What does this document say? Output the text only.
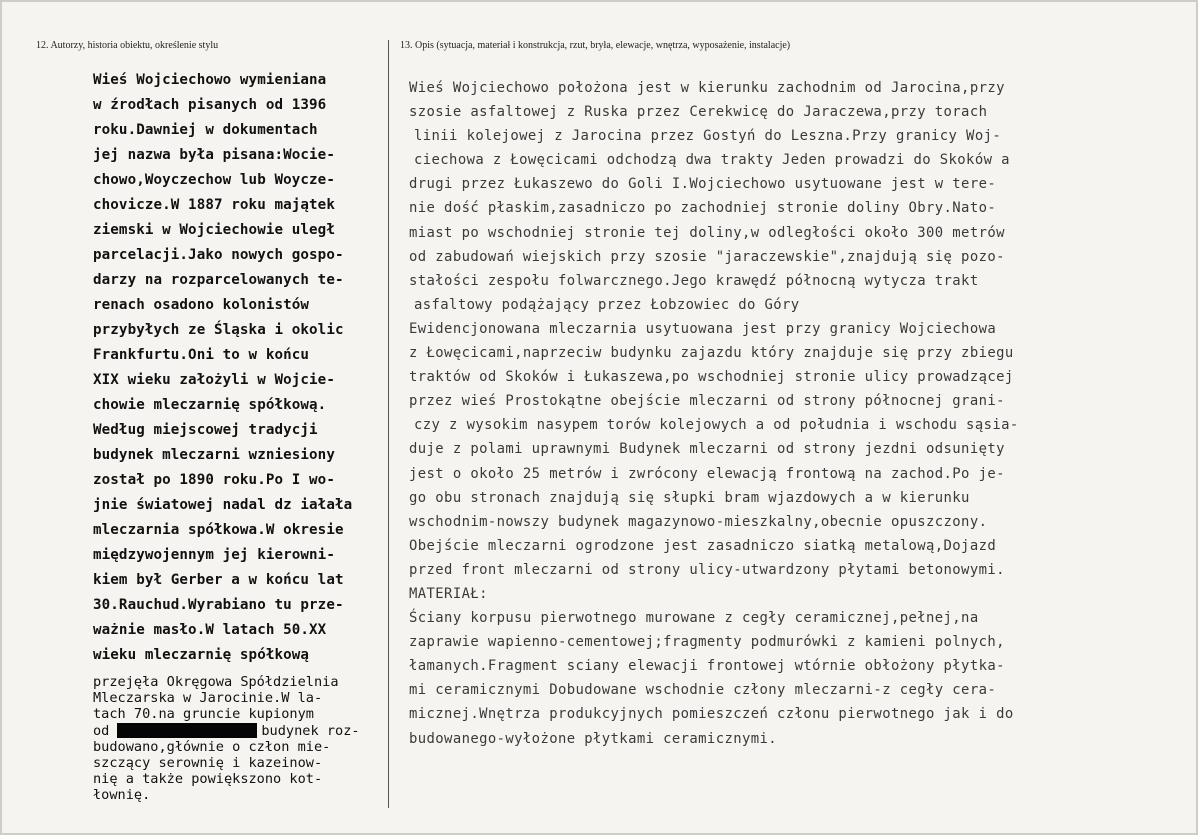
12. Autorzy, historia obiektu, określenie stylu	13. Opis (sytuacja, materiał i konstrukcja, rzut, bryła, elewacje, wnętrza, wyposażenie, instalacje)
Wieś Wojciechowo wymieniana
w źrodłach pisanych od 1396
roku.Dawniej w dokumentach
jej nazwa była pisana:Wocie-
chowo,Woyczechow lub Woycze-
chovicze.W 1887 roku majątek
ziemski w Wojciechowie uległ
parcelacji.Jako nowych gospo-
darzy na rozparcelowanych te-
renach osadono kolonistów
przybyłych ze Śląska i okolic
Frankfurtu.Oni to w końcu
XIX wieku założyli w Wojcie-
chowie mleczarnię spółkową.
Według miejscowej tradycji
budynek mleczarni wzniesiony
został po 1890 roku.Po I wo-
jnie światowej nadal dz iałała
mleczarnia spółkowa.W okresie
międzywojennym jej kierowni-
kiem był Gerber a w końcu lat
30.Rauchud.Wyrabiano tu prze-
ważnie masło.W latach 50.XX
wieku mleczarnię spółkową
przejęła Okręgowa Spółdzielnia
Mleczarska w Jarocinie.W la-
tach 70.na gruncie kupionym
od	budynek roz-
budowano,głównie o człon mie-
szczący serownię i kazeinow-
nię a także powiększono kot-
łownię.
Wieś Wojciechowo położona jest w kierunku zachodnim od Jarocina,przy
szosie asfaltowej z Ruska przez Cerekwicę do Jaraczewa,przy torach
linii kolejowej z Jarocina przez Gostyń do Leszna.Przy granicy Woj-
ciechowa z Łowęcicami odchodzą dwa trakty Jeden prowadzi do Skoków a
drugi przez Łukaszewo do Goli I.Wojciechowo usytuowane jest w tere-
nie dość płaskim,zasadniczo po zachodniej stronie doliny Obry.Nato-
miast po wschodniej stronie tej doliny,w odległości około 300 metrów
od zabudowań wiejskich przy szosie "jaraczewskie",znajdują się pozo-
stałości zespołu folwarcznego.Jego krawędź północną wytycza trakt
asfaltowy podążający przez Łobzowiec do Góry
Ewidencjonowana mleczarnia usytuowana jest przy granicy Wojciechowa
z Łowęcicami,naprzeciw budynku zajazdu który znajduje się przy zbiegu
traktów od Skoków i Łukaszewa,po wschodniej stronie ulicy prowadzącej
przez wieś Prostokątne obejście mleczarni od strony północnej grani-
czy z wysokim nasypem torów kolejowych a od południa i wschodu sąsia-
duje z polami uprawnymi Budynek mleczarni od strony jezdni odsunięty
jest o około 25 metrów i zwrócony elewacją frontową na zachod.Po je-
go obu stronach znajdują się słupki bram wjazdowych a w kierunku
wschodnim-nowszy budynek magazynowo-mieszkalny,obecnie opuszczony.
Obejście mleczarni ogrodzone jest zasadniczo siatką metalową,Dojazd
przed front mleczarni od strony ulicy-utwardzony płytami betonowymi.
MATERIAŁ:
Ściany korpusu pierwotnego murowane z cegły ceramicznej,pełnej,na
zaprawie wapienno-cementowej;fragmenty podmurówki z kamieni polnych,
łamanych.Fragment sciany elewacji frontowej wtórnie obłożony płytka-
mi ceramicznymi Dobudowane wschodnie człony mleczarni-z cegły cera-
micznej.Wnętrza produkcyjnych pomieszczeń członu pierwotnego jak i do
budowanego-wyłożone płytkami ceramicznymi.
